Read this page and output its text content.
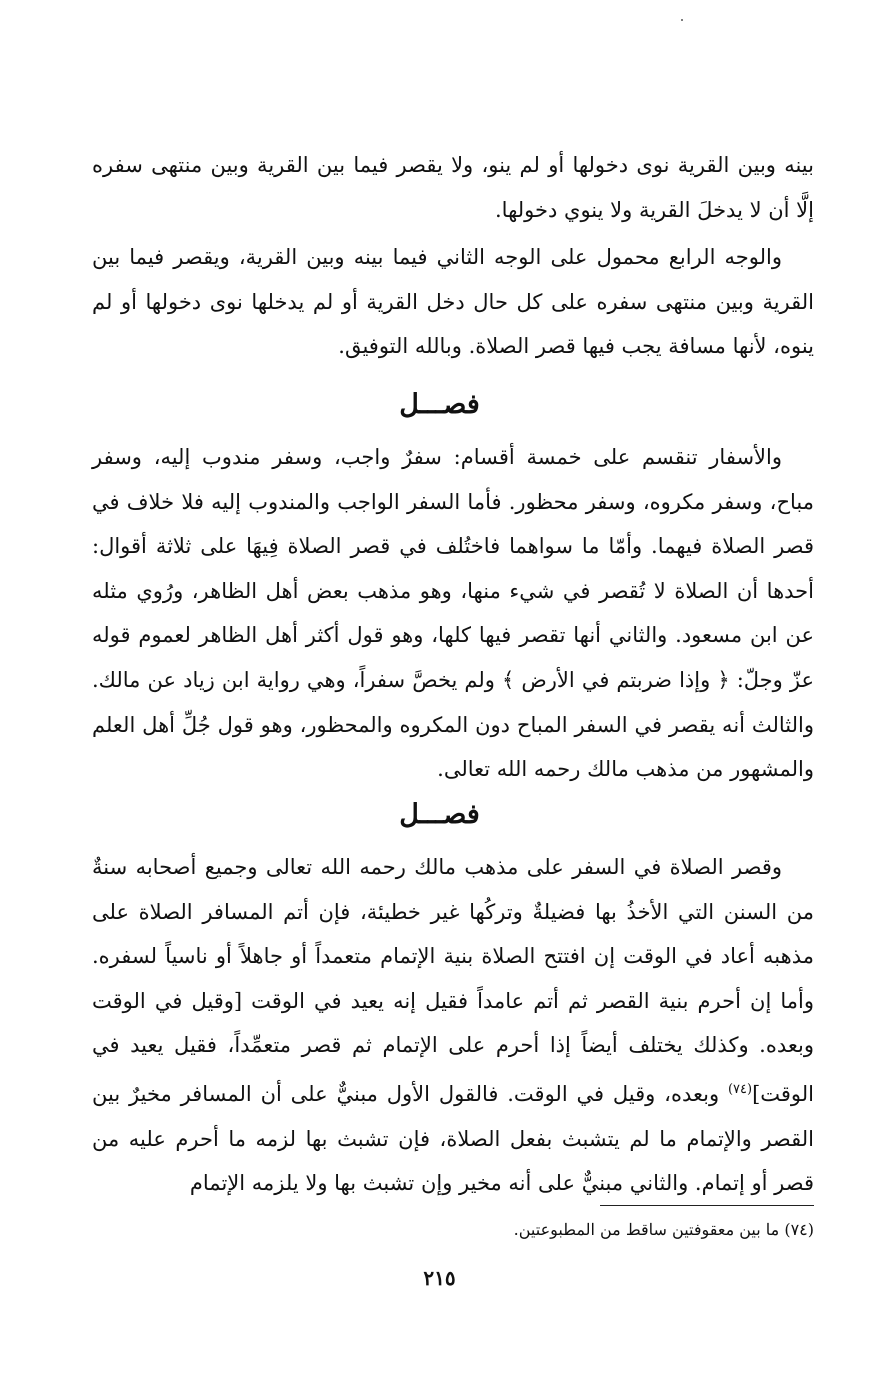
بينه وبين القرية نوى دخولها أو لم ينو، ولا يقصر فيما بين القرية وبين منتهى سفره إلَّا أن لا يدخلَ القرية ولا ينوي دخولها.

والوجه الرابع محمول على الوجه الثاني فيما بينه وبين القرية، ويقصر فيما بين القرية وبين منتهى سفره على كل حال دخل القرية أو لم يدخلها نوى دخولها أو لم ينوه، لأنها مسافة يجب فيها قصر الصلاة. وبالله التوفيق.

فصـــل

والأسفار تنقسم على خمسة أقسام: سفرٌ واجب، وسفر مندوب إليه، وسفر مباح، وسفر مكروه، وسفر محظور. فأما السفر الواجب والمندوب إليه فلا خلاف في قصر الصلاة فيهما. وأمّا ما سواهما فاختُلف في قصر الصلاة فِيهَا على ثلاثة أقوال: أحدها أن الصلاة لا تُقصر في شيء منها، وهو مذهب بعض أهل الظاهر، ورُوي مثله عن ابن مسعود. والثاني أنها تقصر فيها كلها، وهو قول أكثر أهل الظاهر لعموم قوله عزّ وجلّ: ﴿ وإذا ضربتم في الأرض ﴾ ولم يخصَّ سفراً، وهي رواية ابن زياد عن مالك. والثالث أنه يقصر في السفر المباح دون المكروه والمحظور، وهو قول جُلِّ أهل العلم والمشهور من مذهب مالك رحمه الله تعالى.

فصـــل

وقصر الصلاة في السفر على مذهب مالك رحمه الله تعالى وجميع أصحابه سنةٌ من السنن التي الأخذُ بها فضيلةٌ وتركُها غير خطيئة، فإن أتم المسافر الصلاة على مذهبه أعاد في الوقت إن افتتح الصلاة بنية الإتمام متعمداً أو جاهلاً أو ناسياً لسفره. وأما إن أحرم بنية القصر ثم أتم عامداً فقيل إنه يعيد في الوقت [وقيل في الوقت وبعده. وكذلك يختلف أيضاً إذا أحرم على الإتمام ثم قصر متعمِّداً، فقيل يعيد في الوقت]$^{(٧٤)}$ وبعده، وقيل في الوقت. فالقول الأول مبنيٌّ على أن المسافر مخيرٌ بين القصر والإتمام ما لم يتشبث بفعل الصلاة، فإن تشبث بها لزمه ما أحرم عليه من قصر أو إتمام. والثاني مبنيٌّ على أنه مخير وإن تشبث بها ولا يلزمه الإتمام

(٧٤) ما بين معقوفتين ساقط من المطبوعتين.
٢١٥
